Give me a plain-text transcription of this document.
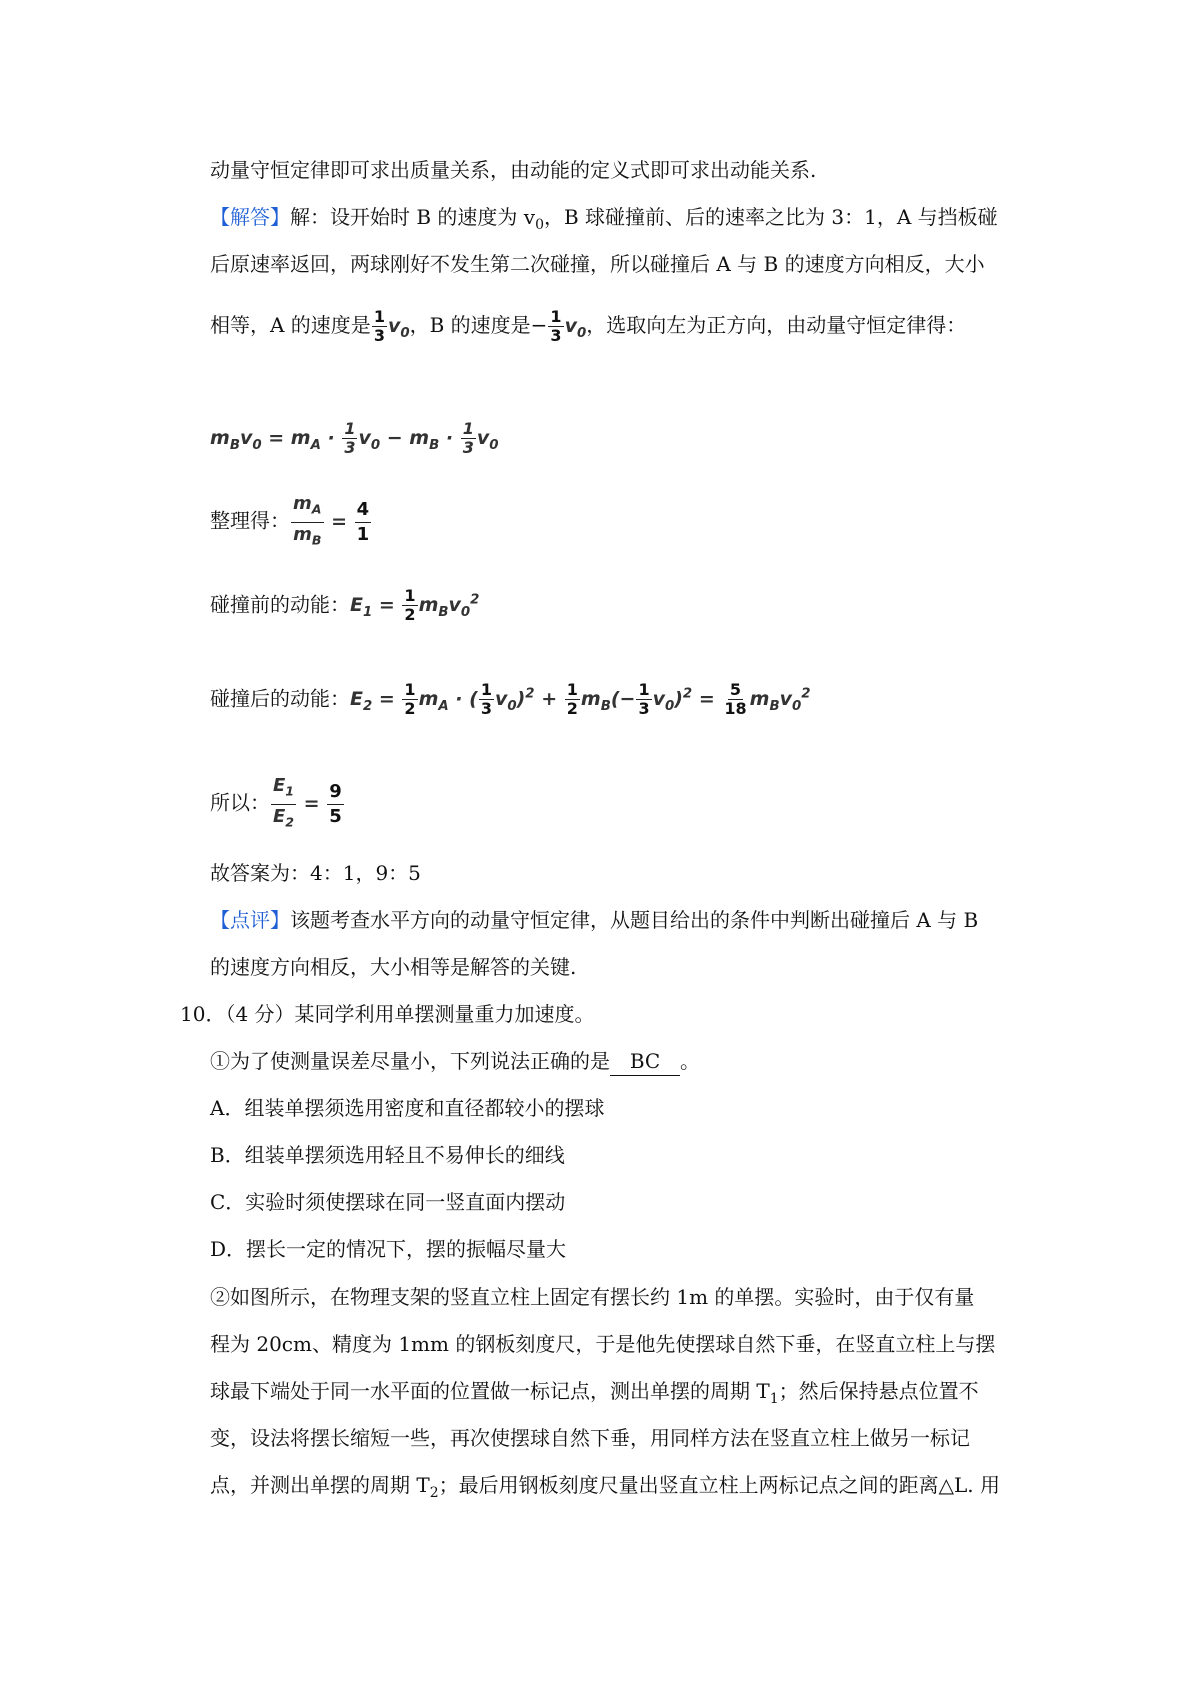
动量守恒定律即可求出质量关系，由动能的定义式即可求出动能关系.
【解答】解：设开始时 B 的速度为 $v_0$，B 球碰撞前、后的速率之比为 3：1，A 与挡板碰
后原速率返回，两球刚好不发生第二次碰撞，所以碰撞后 A 与 B 的速度方向相反，大小
相等，A 的速度是 $\frac{1}{3} v_0$，B 的速度是− $\frac{1}{3} v_0$，选取向左为正方向，由动量守恒定律得：
$m_Bv_0 = m_A \cdot \frac{1}{3} v_0 - m_B \cdot \frac{1}{3} v_0$
整理得： $\frac{m_A}{m_B} = \frac{4}{1}$
碰撞前的动能：$E_1 = \frac{1}{2} m_Bv_0^2$
碰撞后的动能：$E_2 = \frac{1}{2} m_A$ · ( $\frac{1}{3} v_0)^2 + \frac{1}{2} m_B(- \frac{1}{3} v_0)^2 = \frac{5}{18} m_Bv_0^2$
所以： $\frac{E_1}{E_2} = \frac{9}{5}$
故答案为：4：1，9：5
【点评】该题考查水平方向的动量守恒定律，从题目给出的条件中判断出碰撞后 A 与 B
的速度方向相反，大小相等是解答的关键.
10．（4 分）某同学利用单摆测量重力加速度。
①为了使测量误差尽量小，下列说法正确的是 BC 。
A．组装单摆须选用密度和直径都较小的摆球
B．组装单摆须选用轻且不易伸长的细线
C．实验时须使摆球在同一竖直面内摆动
D．摆长一定的情况下，摆的振幅尽量大
②如图所示，在物理支架的竖直立柱上固定有摆长约 1m 的单摆。实验时，由于仅有量
程为 20cm、精度为 1mm 的钢板刻度尺，于是他先使摆球自然下垂，在竖直立柱上与摆
球最下端处于同一水平面的位置做一标记点，测出单摆的周期 $T_1$；然后保持悬点位置不
变，设法将摆长缩短一些，再次使摆球自然下垂，用同样方法在竖直立柱上做另一标记
点，并测出单摆的周期 $T_2$；最后用钢板刻度尺量出竖直立柱上两标记点之间的距离△L. 用
